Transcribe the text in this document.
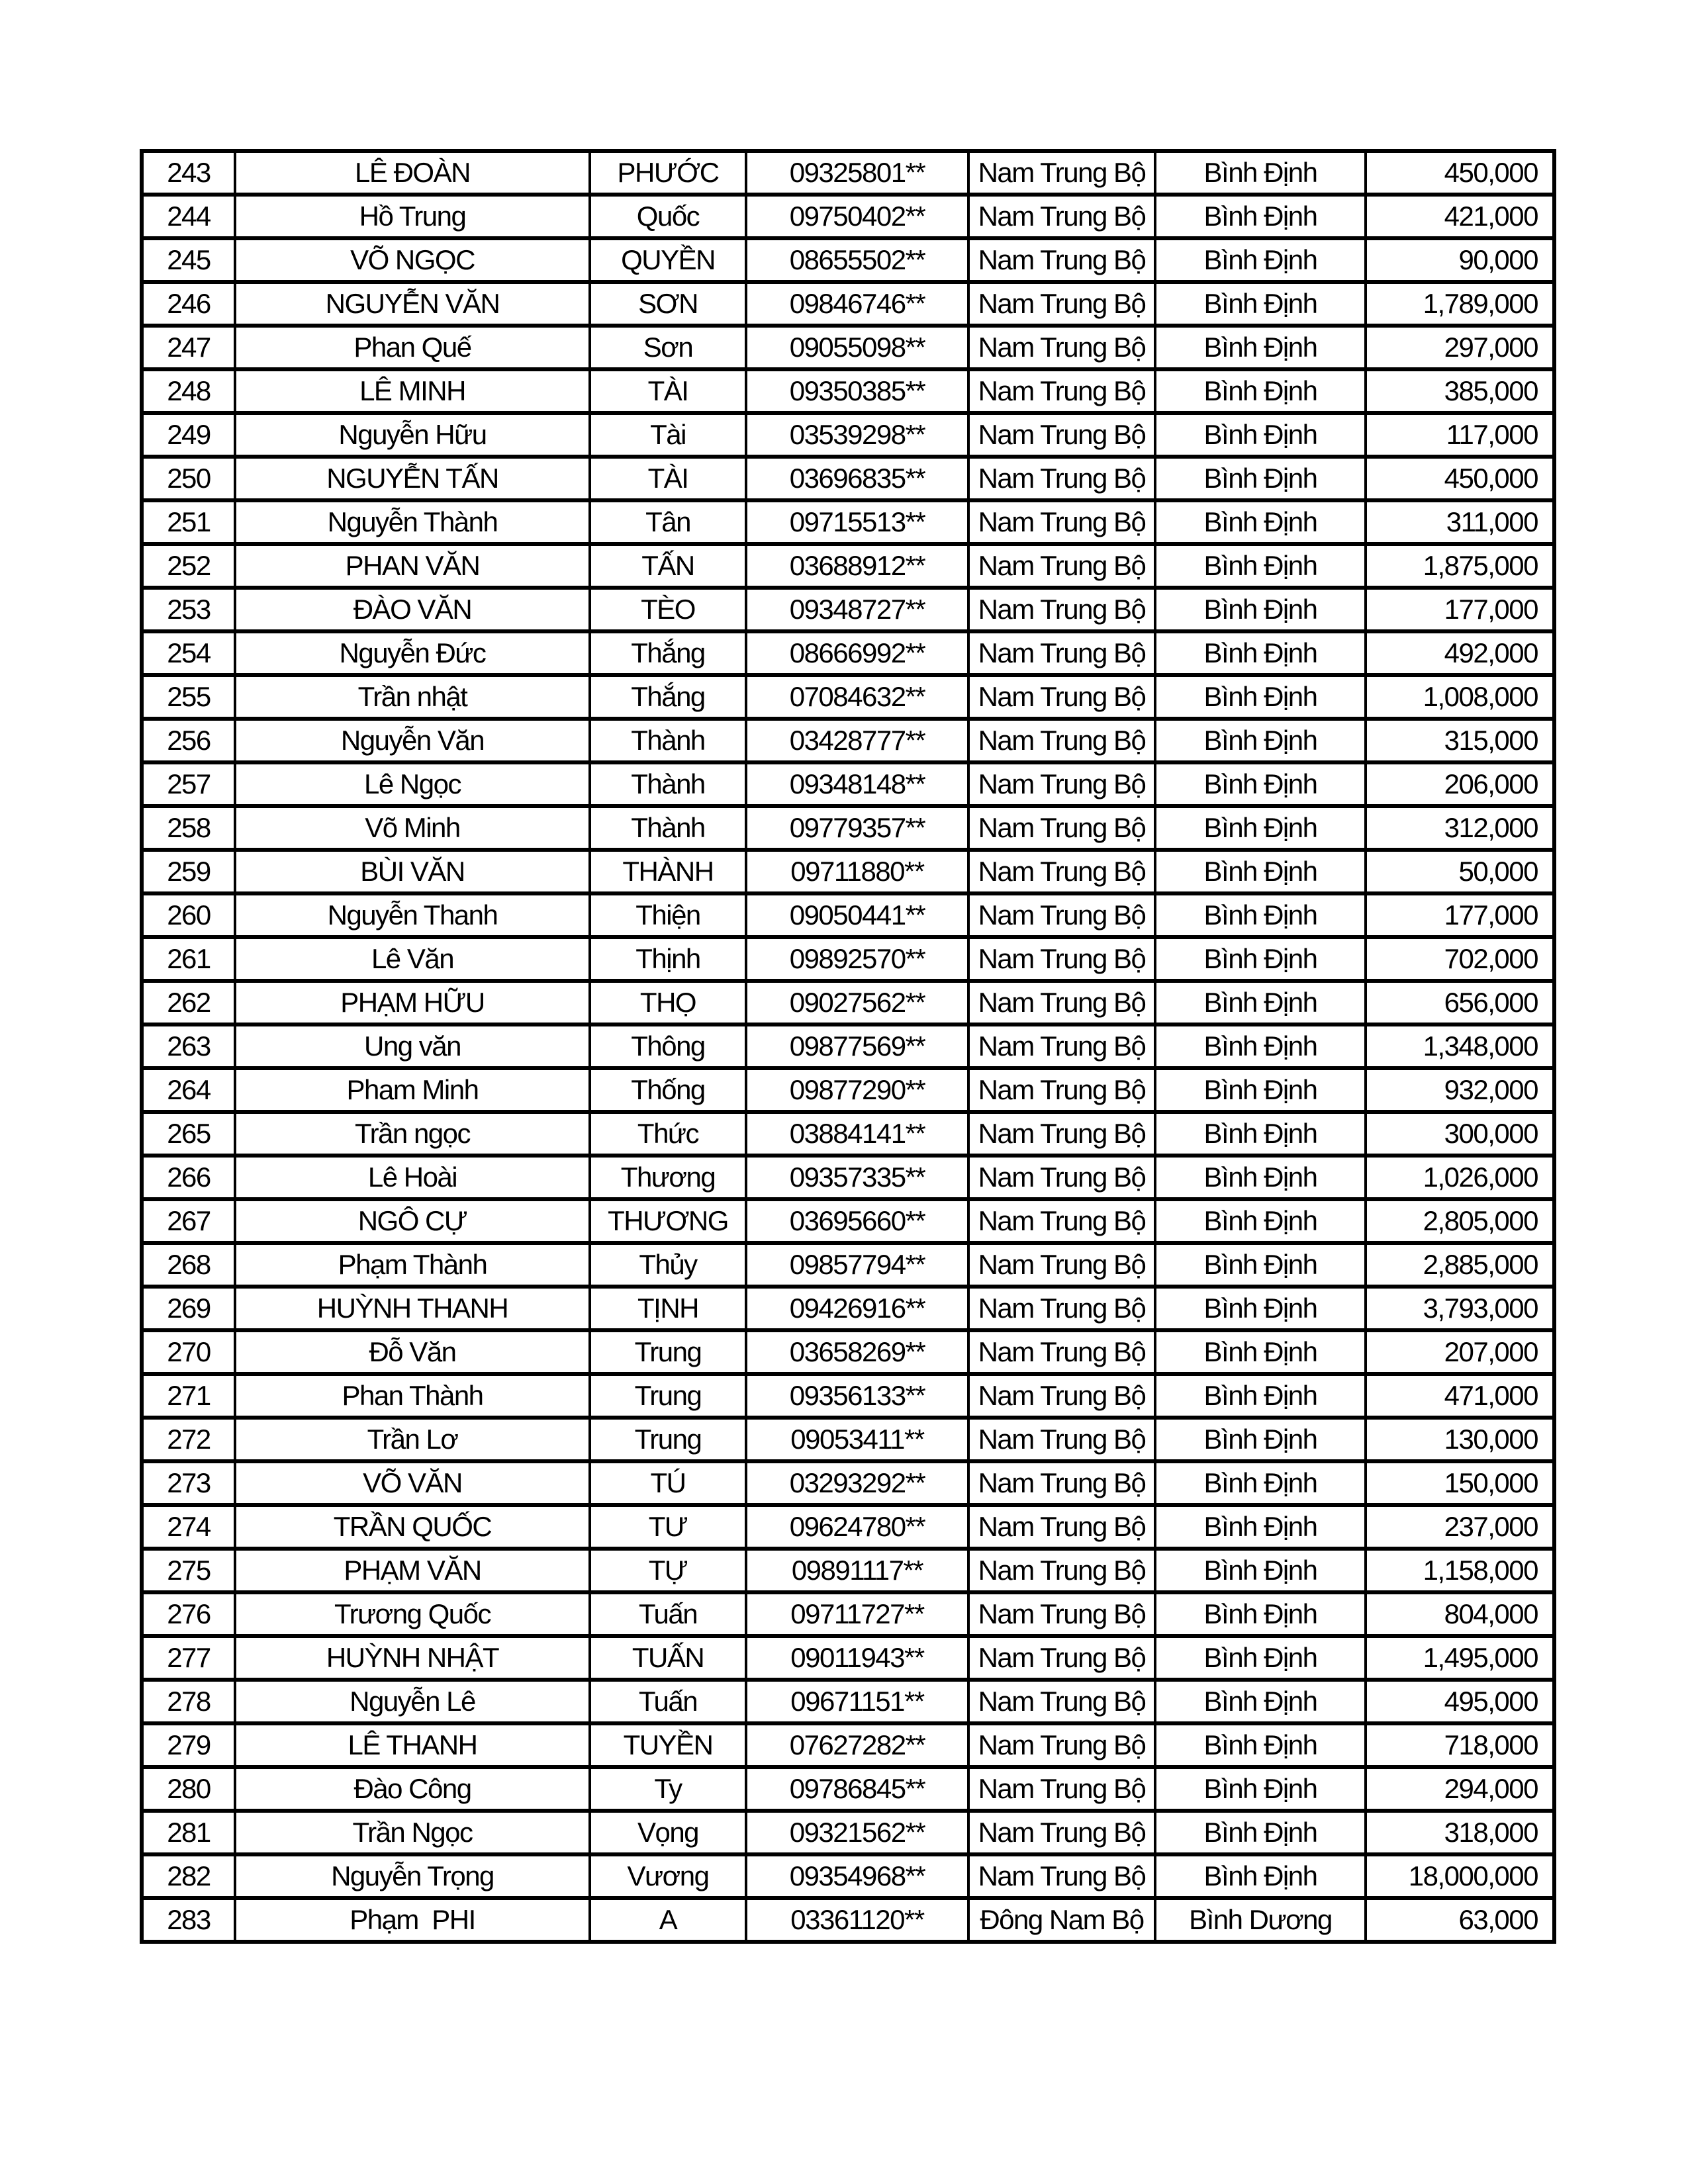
243	LÊ ĐOÀN	PHƯỚC	09325801**	Nam Trung Bộ	Bình Định	450,000
244	Hồ Trung	Quốc	09750402**	Nam Trung Bộ	Bình Định	421,000
245	VÕ NGỌC	QUYỀN	08655502**	Nam Trung Bộ	Bình Định	90,000
246	NGUYỄN VĂN	SƠN	09846746**	Nam Trung Bộ	Bình Định	1,789,000
247	Phan Quế	Sơn	09055098**	Nam Trung Bộ	Bình Định	297,000
248	LÊ MINH	TÀI	09350385**	Nam Trung Bộ	Bình Định	385,000
249	Nguyễn Hữu	Tài	03539298**	Nam Trung Bộ	Bình Định	117,000
250	NGUYỄN TẤN	TÀI	03696835**	Nam Trung Bộ	Bình Định	450,000
251	Nguyễn Thành	Tân	09715513**	Nam Trung Bộ	Bình Định	311,000
252	PHAN VĂN	TẤN	03688912**	Nam Trung Bộ	Bình Định	1,875,000
253	ĐÀO VĂN	TÈO	09348727**	Nam Trung Bộ	Bình Định	177,000
254	Nguyễn Đức	Thắng	08666992**	Nam Trung Bộ	Bình Định	492,000
255	Trần nhật	Thắng	07084632**	Nam Trung Bộ	Bình Định	1,008,000
256	Nguyễn Văn	Thành	03428777**	Nam Trung Bộ	Bình Định	315,000
257	Lê Ngọc	Thành	09348148**	Nam Trung Bộ	Bình Định	206,000
258	Võ Minh	Thành	09779357**	Nam Trung Bộ	Bình Định	312,000
259	BÙI VĂN	THÀNH	09711880**	Nam Trung Bộ	Bình Định	50,000
260	Nguyễn Thanh	Thiện	09050441**	Nam Trung Bộ	Bình Định	177,000
261	Lê Văn	Thịnh	09892570**	Nam Trung Bộ	Bình Định	702,000
262	PHẠM HỮU	THỌ	09027562**	Nam Trung Bộ	Bình Định	656,000
263	Ung văn	Thông	09877569**	Nam Trung Bộ	Bình Định	1,348,000
264	Pham Minh	Thống	09877290**	Nam Trung Bộ	Bình Định	932,000
265	Trần ngọc	Thức	03884141**	Nam Trung Bộ	Bình Định	300,000
266	Lê Hoài	Thương	09357335**	Nam Trung Bộ	Bình Định	1,026,000
267	NGÔ CỰ	THƯƠNG	03695660**	Nam Trung Bộ	Bình Định	2,805,000
268	Phạm Thành	Thủy	09857794**	Nam Trung Bộ	Bình Định	2,885,000
269	HUỲNH THANH	TỊNH	09426916**	Nam Trung Bộ	Bình Định	3,793,000
270	Đỗ Văn	Trung	03658269**	Nam Trung Bộ	Bình Định	207,000
271	Phan Thành	Trung	09356133**	Nam Trung Bộ	Bình Định	471,000
272	Trần Lơ	Trung	09053411**	Nam Trung Bộ	Bình Định	130,000
273	VÕ VĂN	TÚ	03293292**	Nam Trung Bộ	Bình Định	150,000
274	TRẦN QUỐC	TƯ	09624780**	Nam Trung Bộ	Bình Định	237,000
275	PHẠM VĂN	TỰ	09891117**	Nam Trung Bộ	Bình Định	1,158,000
276	Trương Quốc	Tuấn	09711727**	Nam Trung Bộ	Bình Định	804,000
277	HUỲNH NHẬT	TUẤN	09011943**	Nam Trung Bộ	Bình Định	1,495,000
278	Nguyễn Lê	Tuấn	09671151**	Nam Trung Bộ	Bình Định	495,000
279	LÊ THANH	TUYỀN	07627282**	Nam Trung Bộ	Bình Định	718,000
280	Đào Công	Ty	09786845**	Nam Trung Bộ	Bình Định	294,000
281	Trần Ngọc	Vọng	09321562**	Nam Trung Bộ	Bình Định	318,000
282	Nguyễn Trọng	Vương	09354968**	Nam Trung Bộ	Bình Định	18,000,000
283	Phạm  PHI	A	03361120**	Đông Nam Bộ	Bình Dương	63,000
